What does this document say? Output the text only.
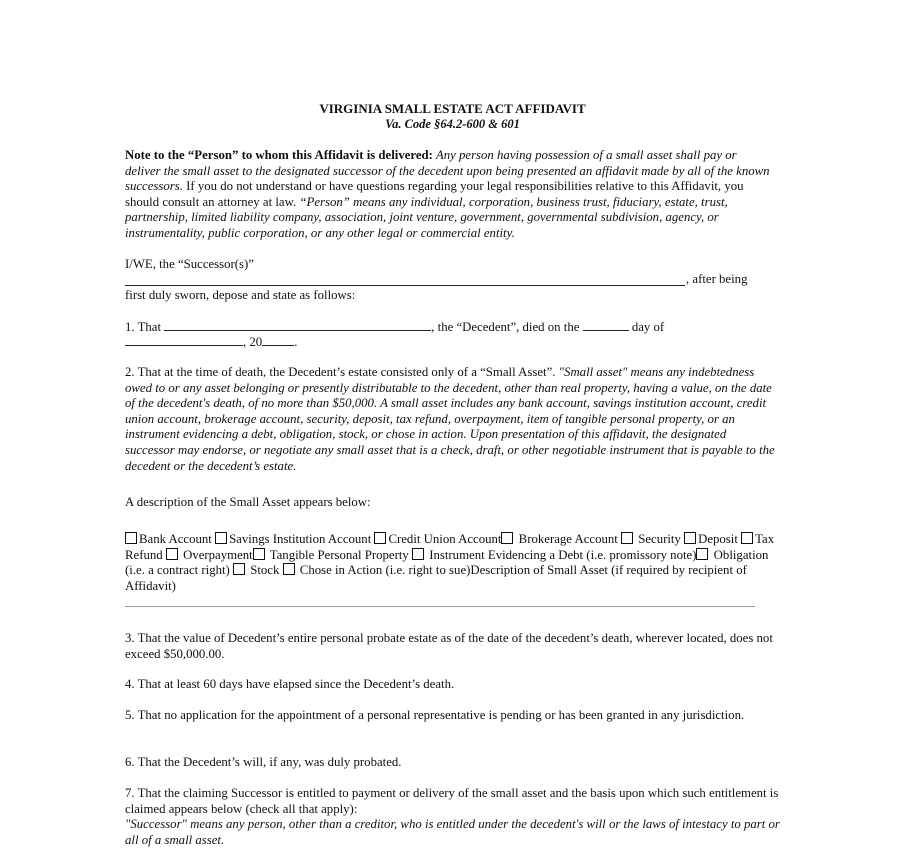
VIRGINIA SMALL ESTATE ACT AFFIDAVIT
Va. Code §64.2-600 & 601
Note to the “Person” to whom this Affidavit is delivered: Any person having possession of a small asset shall pay or deliver the small asset to the designated successor of the decedent upon being presented an affidavit made by all of the known successors. If you do not understand or have questions regarding your legal responsibilities relative to this Affidavit, you should consult an attorney at law. “Person” means any individual, corporation, business trust, fiduciary, estate, trust, partnership, limited liability company, association, joint venture, government, governmental subdivision, agency, or instrumentality, public corporation, or any other legal or commercial entity.
I/WE, the “Successor(s)”
, after being
first duly sworn, depose and state as follows:
1. That	, the “Decedent”, died on the	day of
, 20	.
2. That at the time of death, the Decedent’s estate consisted only of a “Small Asset”. "Small asset" means any indebtedness owed to or any asset belonging or presently distributable to the decedent, other than real property, having a value, on the date of the decedent's death, of no more than $50,000. A small asset includes any bank account, savings institution account, credit union account, brokerage account, security, deposit, tax refund, overpayment, item of tangible personal property, or an instrument evidencing a debt, obligation, stock, or chose in action. Upon presentation of this affidavit, the designated successor may endorse, or negotiate any small asset that is a check, draft, or other negotiable instrument that is payable to the decedent or the decedent’s estate.
A description of the Small Asset appears below:
Bank Account Savings Institution Account Credit Union Account Brokerage Account  Security Deposit Tax Refund  Overpayment Tangible Personal Property  Instrument Evidencing a Debt (i.e. promissory note) Obligation (i.e. a contract right)  Stock  Chose in Action (i.e. right to sue)Description of Small Asset (if required by recipient of Affidavit)
3. That the value of Decedent’s entire personal probate estate as of the date of the decedent’s death, wherever located, does not exceed $50,000.00.
4. That at least 60 days have elapsed since the Decedent’s death.
5. That no application for the appointment of a personal representative is pending or has been granted in any jurisdiction.
6. That the Decedent’s will, if any, was duly probated.
7. That the claiming Successor is entitled to payment or delivery of the small asset and the basis upon which such entitlement is claimed appears below (check all that apply):
"Successor" means any person, other than a creditor, who is entitled under the decedent's will or the laws of intestacy to part or all of a small asset.
